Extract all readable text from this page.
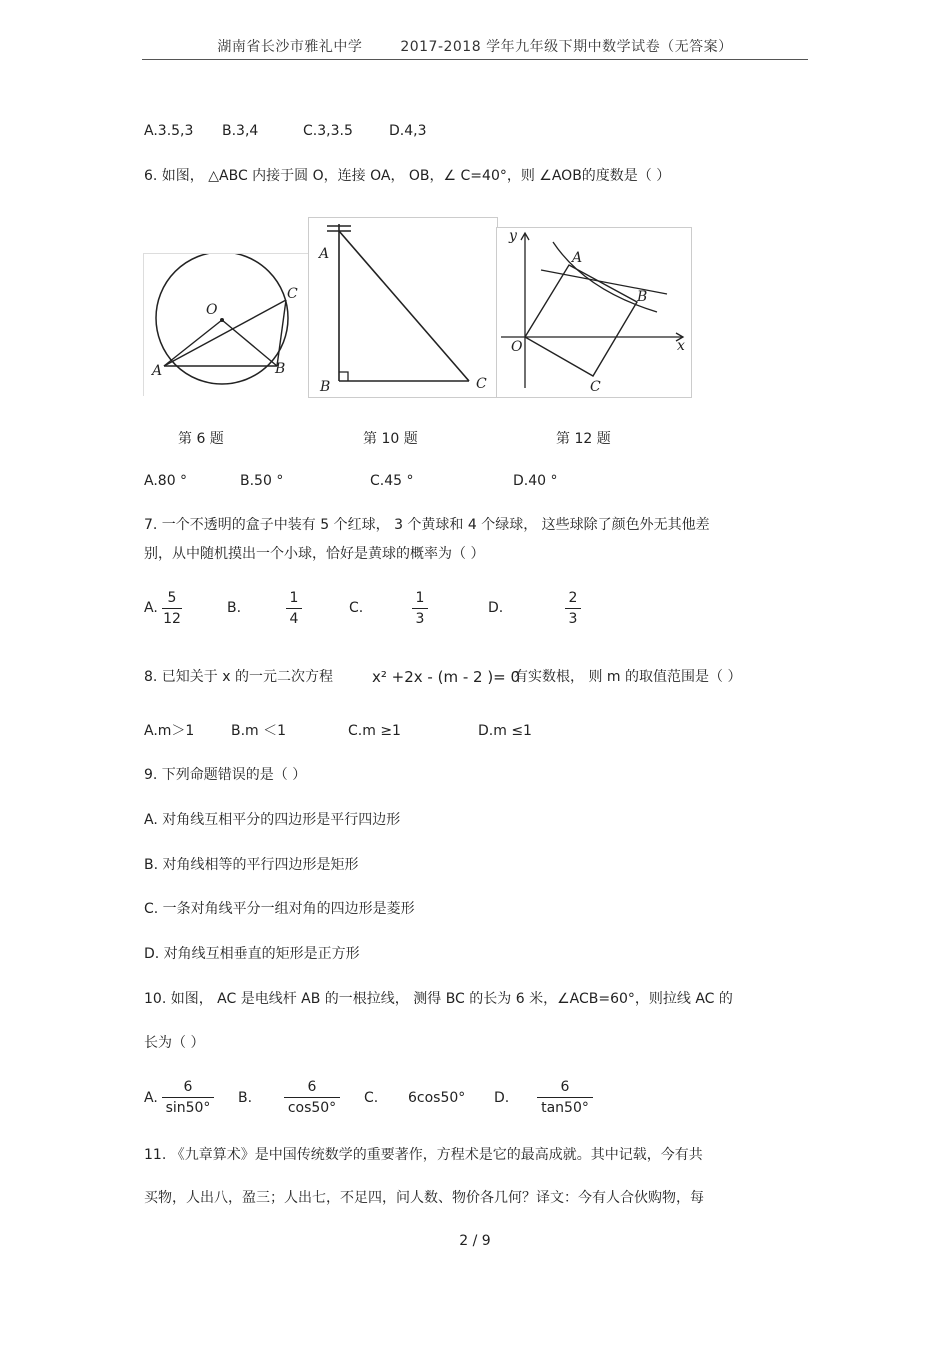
湖南省长沙市雅礼中学	2017-2018 学年九年级下期中数学试卷（无答案）
A.3.5,3 B.3,4	C.3,3.5	D.4,3
6. 如图， △ABC 内接于圆 O，连接 OA， OB，∠ C=40°，则 ∠AOB的度数是（ ）
O
A	B
C
A
B	C
y
x
O
A
B
C
第 6 题	第 10 题	第 12 题
A.80 °	B.50 °	C.45 °	D.40 °
7. 一个不透明的盒子中装有 5 个红球， 3 个黄球和 4 个绿球， 这些球除了颜色外无其他差
别，从中随机摸出一个小球，恰好是黄球的概率为（ ）
A.
5
12
B.
1
4
C.
1
3
D.
2
3
8. 已知关于 x 的一元二次方程	x² +2x - (m - 2 )= 0
有实数根， 则 m 的取值范围是（ ）
A.m＞1	B.m ＜1	C.m ≥1	D.m ≤1
9. 下列命题错误的是（ ）
A. 对角线互相平分的四边形是平行四边形
B. 对角线相等的平行四边形是矩形
C. 一条对角线平分一组对角的四边形是菱形
D. 对角线互相垂直的矩形是正方形
10. 如图， AC 是电线杆 AB 的一根拉线， 测得 BC 的长为 6 米，∠ACB=60°，则拉线 AC 的
长为（ ）
A.
6
sin50°
B.
6
cos50°
C. 6cos50° D.
6
tan50°
11. 《九章算术》是中国传统数学的重要著作，方程术是它的最高成就。其中记载，今有共
买物，人出八，盈三；人出七，不足四，问人数、物价各几何？译文：今有人合伙购物，每
2 / 9
